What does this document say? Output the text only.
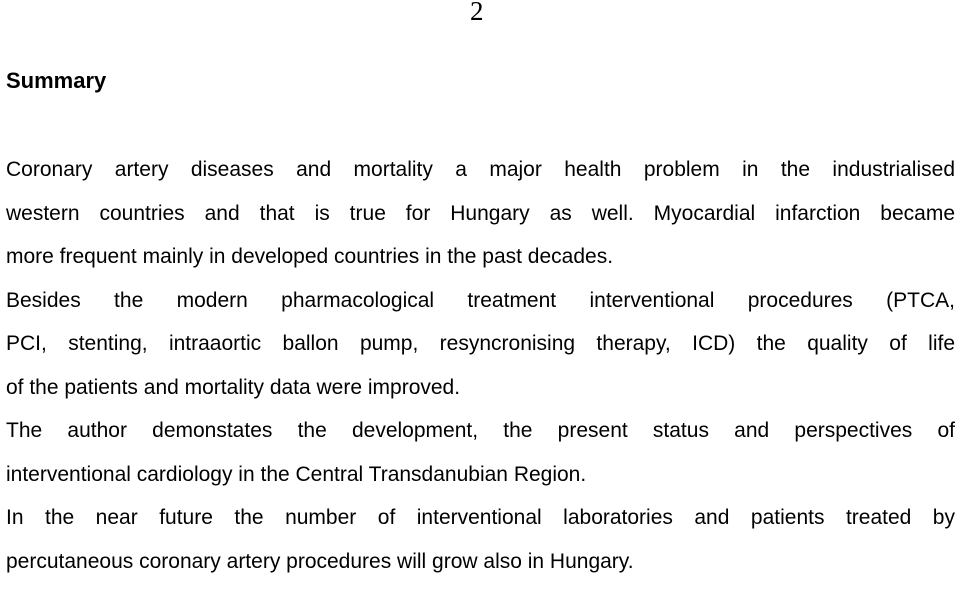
2
Summary
Coronary artery diseases and mortality a major health problem in the industrialised
western countries and that is true for Hungary as well. Myocardial infarction became
more frequent mainly in developed countries in the past decades.
Besides the modern pharmacological treatment interventional procedures (PTCA,
PCI, stenting, intraaortic ballon pump, resyncronising therapy, ICD) the quality of life
of the patients and mortality data were improved.
The author demonstates the development, the present status and perspectives of
interventional cardiology in the Central Transdanubian Region.
In the near future the number of interventional laboratories and patients treated by
percutaneous coronary artery procedures will grow also in Hungary.
